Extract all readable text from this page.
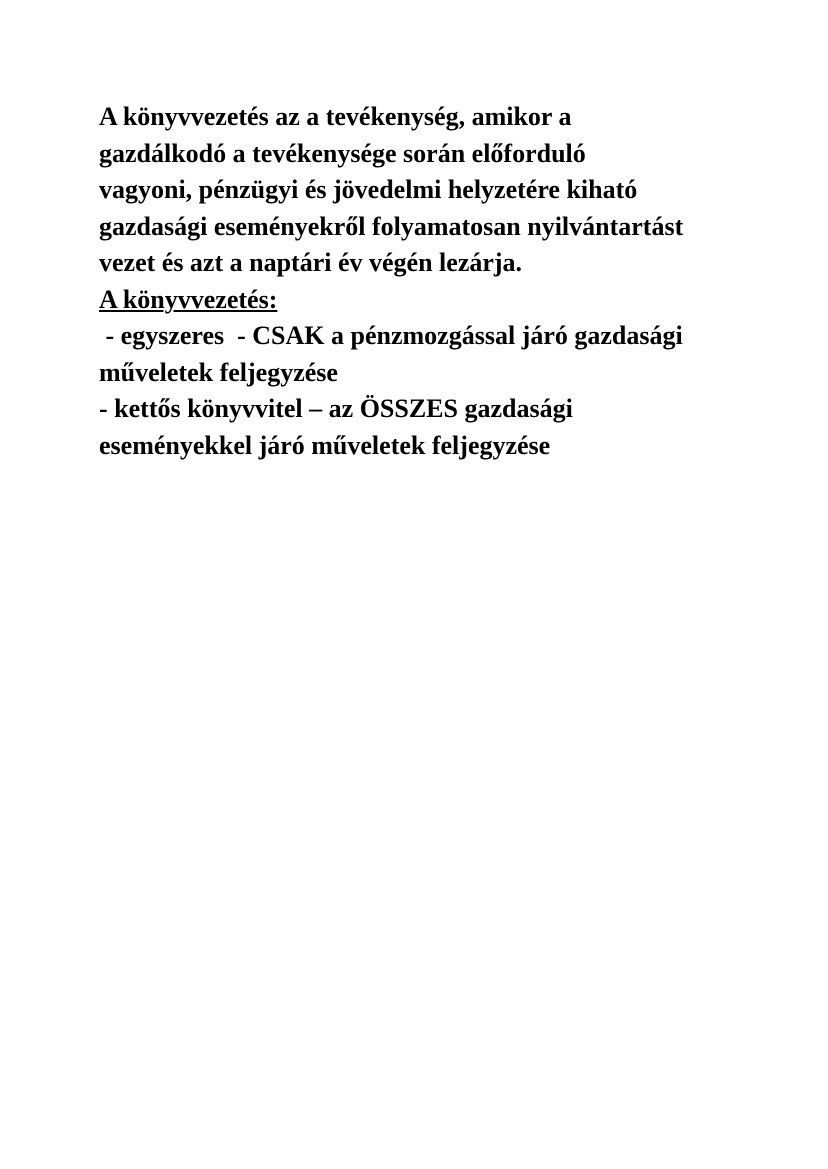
A könyvvezetés az a tevékenység, amikor a
gazdálkodó a tevékenysége során előforduló
vagyoni, pénzügyi és jövedelmi helyzetére kiható
gazdasági eseményekről folyamatosan nyilvántartást
vezet és azt a naptári év végén lezárja.
A könyvvezetés:
- egyszeres  - CSAK a pénzmozgással járó gazdasági
műveletek feljegyzése
- kettős könyvvitel – az ÖSSZES gazdasági
eseményekkel járó műveletek feljegyzése
